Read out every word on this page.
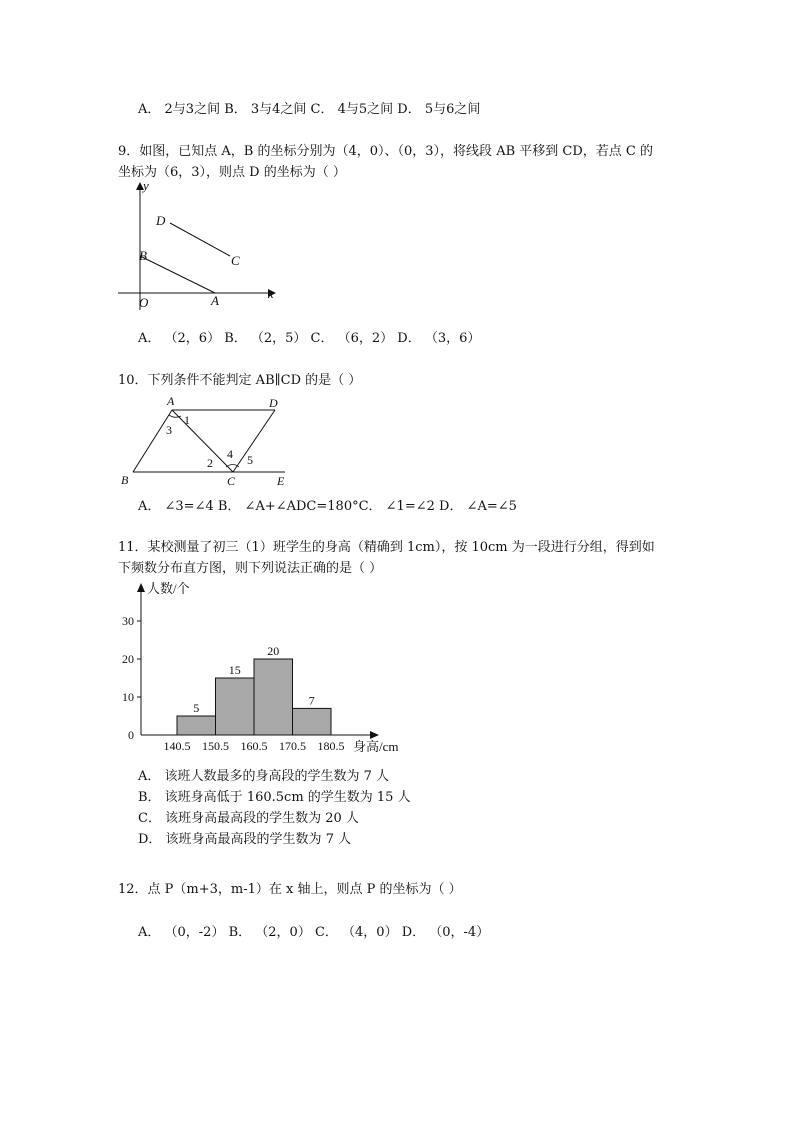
A． 2与3之间 B． 3与4之间 C． 4与5之间 D． 5与6之间
9．如图，已知点 A，B 的坐标分别为（4，0）、（0，3），将线段 AB 平移到 CD，若点 C 的
坐标为（6，3），则点 D 的坐标为（ ）
y
x
O	A
B	C
D
A． （2，6） B． （2，5） C． （6，2） D． （3，6）
10．下列条件不能判定 AB∥CD 的是（ ）
A	D
B	C	E
1
3
2
4 5
A． ∠3=∠4 B． ∠A+∠ADC=180°C． ∠1=∠2 D． ∠A=∠5
11．某校测量了初三（1）班学生的身高（精确到 1cm），按 10cm 为一段进行分组，得到如
下频数分布直方图，则下列说法正确的是（ ）
人数/个
身高/cm
0
10
20
30
5
15
20
7
140.5 150.5 160.5 170.5 180.5
A． 该班人数最多的身高段的学生数为 7 人
B． 该班身高低于 160.5cm 的学生数为 15 人
C． 该班身高最高段的学生数为 20 人
D． 该班身高最高段的学生数为 7 人
12．点 P（m+3，m-1）在 x 轴上，则点 P 的坐标为（ ）
A． （0，-2） B． （2，0） C． （4，0） D． （0，-4）
